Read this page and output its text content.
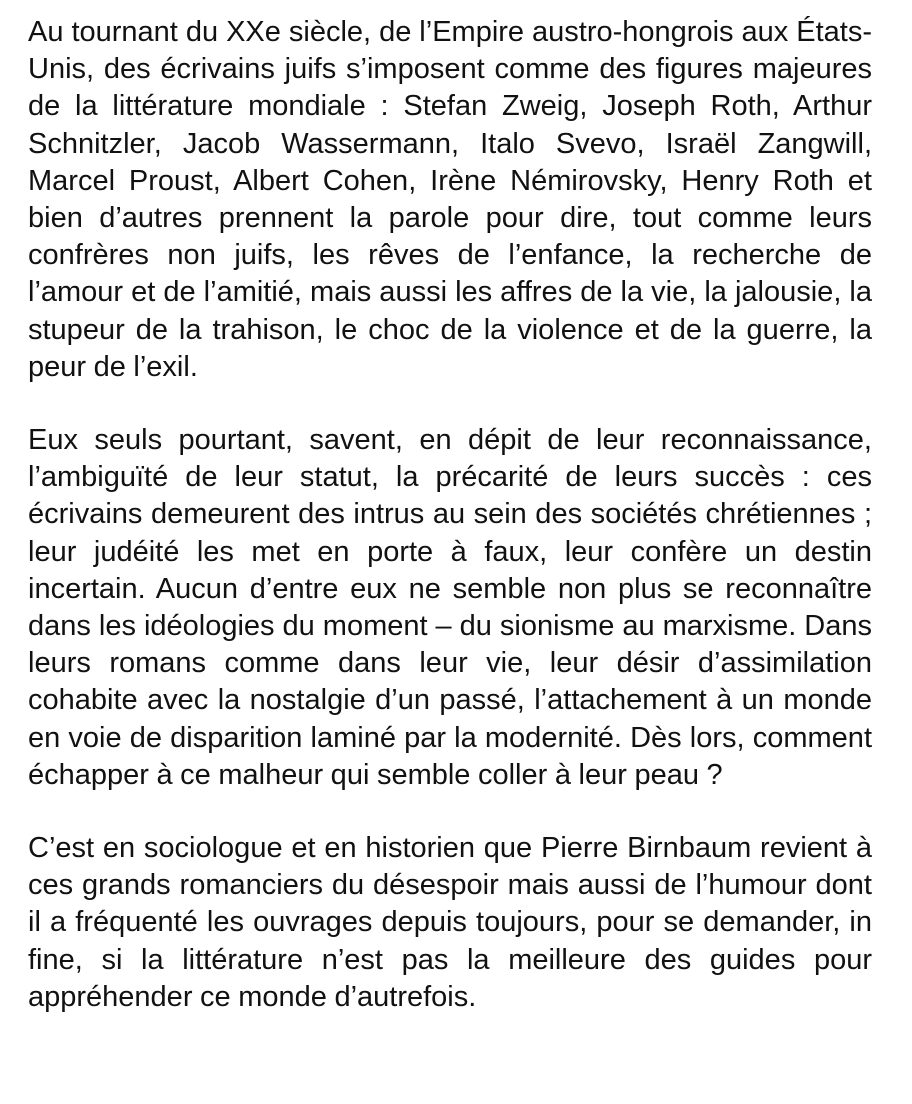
Au tournant du XXe siècle, de l’Empire austro-hongrois aux États-Unis, des écrivains juifs s’imposent comme des figures majeures de la littérature mondiale : Stefan Zweig, Joseph Roth, Arthur Schnitzler, Jacob Wassermann, Italo Svevo, Israël Zangwill, Marcel Proust, Albert Cohen, Irène Némirovsky, Henry Roth et bien d’autres prennent la parole pour dire, tout comme leurs confrères non juifs, les rêves de l’enfance, la recherche de l’amour et de l’amitié, mais aussi les affres de la vie, la jalousie, la stupeur de la trahison, le choc de la violence et de la guerre, la peur de l’exil.

Eux seuls pourtant, savent, en dépit de leur reconnaissance, l’ambiguïté de leur statut, la précarité de leurs succès : ces écrivains demeurent des intrus au sein des sociétés chrétiennes ; leur judéité les met en porte à faux, leur confère un destin incertain. Aucun d’entre eux ne semble non plus se reconnaître dans les idéologies du moment – du sionisme au marxisme. Dans leurs romans comme dans leur vie, leur désir d’assimilation cohabite avec la nostalgie d’un passé, l’attachement à un monde en voie de disparition laminé par la modernité. Dès lors, comment échapper à ce malheur qui semble coller à leur peau ?

C’est en sociologue et en historien que Pierre Birnbaum revient à ces grands romanciers du désespoir mais aussi de l’humour dont il a fréquenté les ouvrages depuis toujours, pour se demander, in fine, si la littérature n’est pas la meilleure des guides pour appréhender ce monde d’autrefois.
